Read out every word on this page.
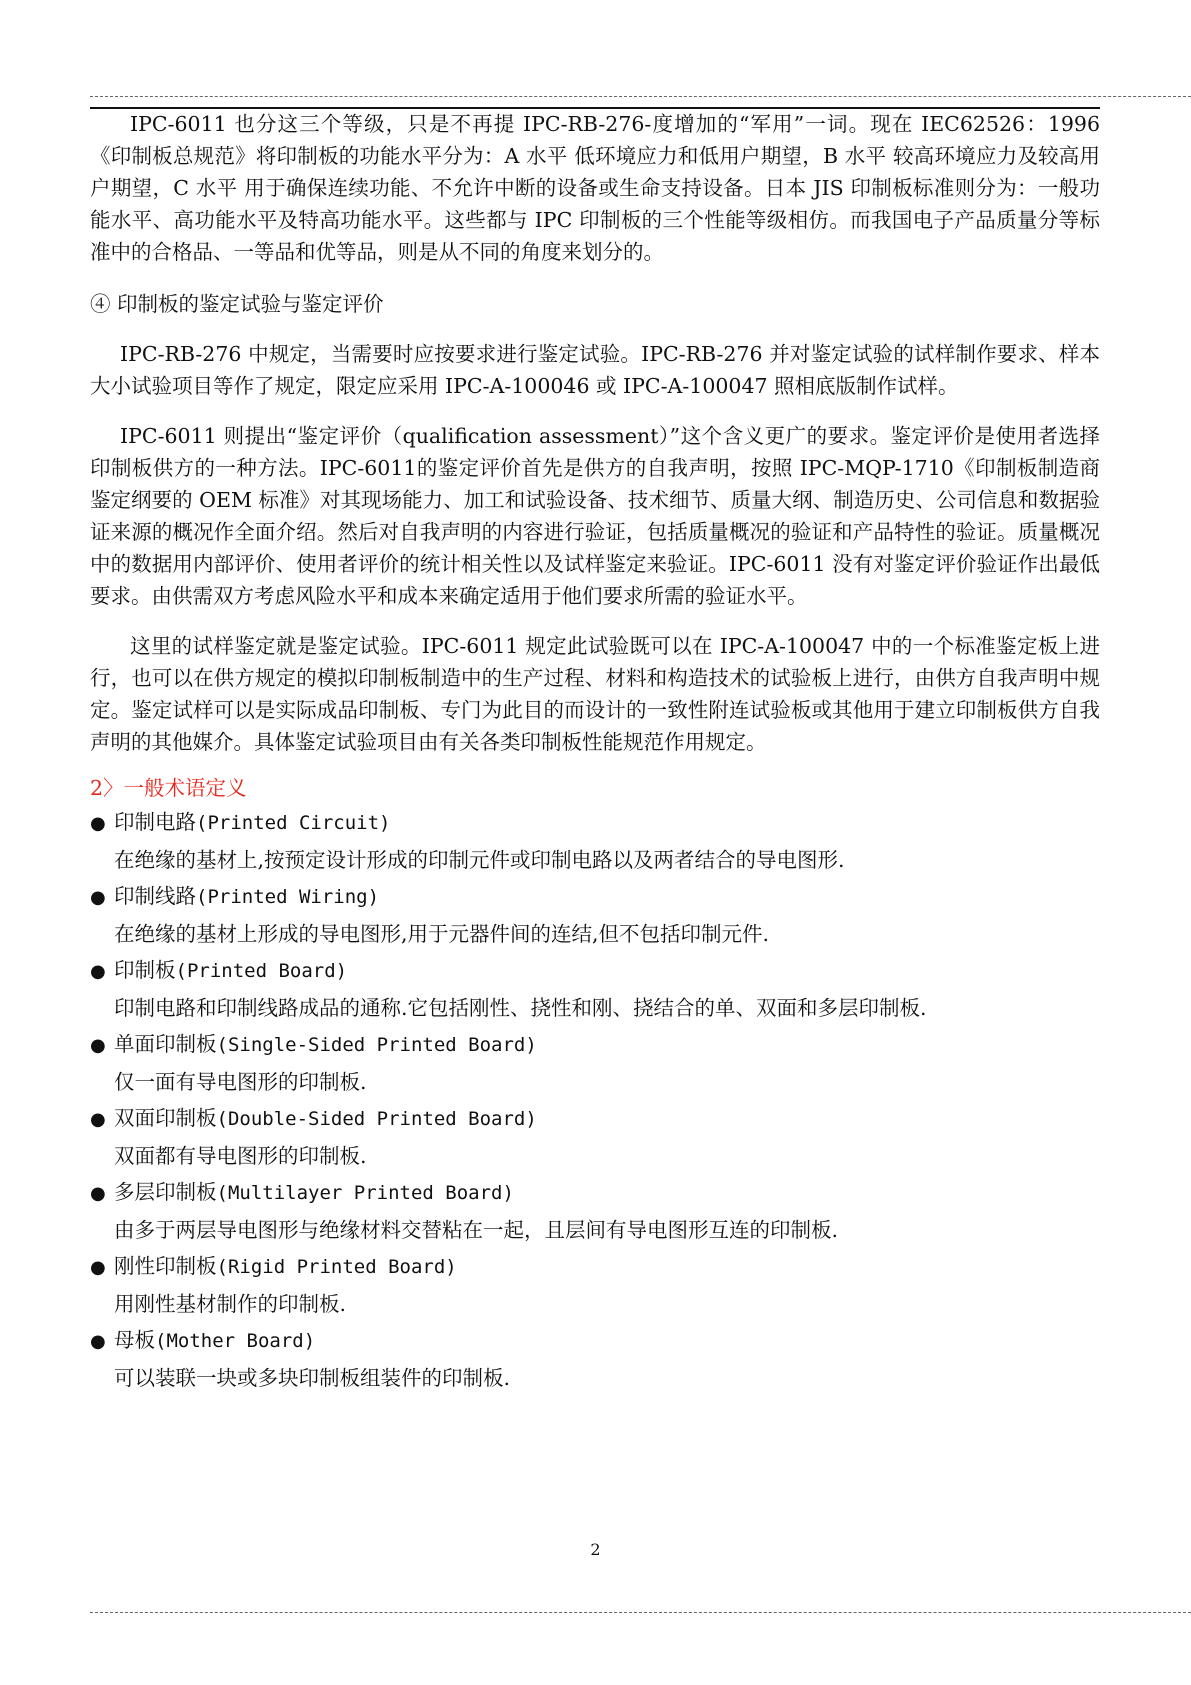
IPC-6011 也分这三个等级，只是不再提 IPC-RB-276-度增加的“军用”一词。现在 IEC62526：1996《印制板总规范》将印制板的功能水平分为：A 水平 低环境应力和低用户期望，B 水平 较高环境应力及较高用户期望，C 水平 用于确保连续功能、不允许中断的设备或生命支持设备。日本 JIS 印制板标准则分为：一般功能水平、高功能水平及特高功能水平。这些都与 IPC 印制板的三个性能等级相仿。而我国电子产品质量分等标准中的合格品、一等品和优等品，则是从不同的角度来划分的。

④ 印制板的鉴定试验与鉴定评价

IPC-RB-276 中规定，当需要时应按要求进行鉴定试验。IPC-RB-276 并对鉴定试验的试样制作要求、样本大小试验项目等作了规定，限定应采用 IPC-A-100046 或 IPC-A-100047 照相底版制作试样。

IPC-6011 则提出“鉴定评价（qualification assessment）”这个含义更广的要求。鉴定评价是使用者选择印制板供方的一种方法。IPC-6011的鉴定评价首先是供方的自我声明，按照 IPC-MQP-1710《印制板制造商鉴定纲要的 OEM 标准》对其现场能力、加工和试验设备、技术细节、质量大纲、制造历史、公司信息和数据验证来源的概况作全面介绍。然后对自我声明的内容进行验证，包括质量概况的验证和产品特性的验证。质量概况中的数据用内部评价、使用者评价的统计相关性以及试样鉴定来验证。IPC-6011 没有对鉴定评价验证作出最低要求。由供需双方考虑风险水平和成本来确定适用于他们要求所需的验证水平。

这里的试样鉴定就是鉴定试验。IPC-6011 规定此试验既可以在 IPC-A-100047 中的一个标准鉴定板上进行，也可以在供方规定的模拟印制板制造中的生产过程、材料和构造技术的试验板上进行，由供方自我声明中规定。鉴定试样可以是实际成品印制板、专门为此目的而设计的一致性附连试验板或其他用于建立印制板供方自我声明的其他媒介。具体鉴定试验项目由有关各类印制板性能规范作用规定。

2〉一般术语定义

● 印制电路(Printed Circuit)
在绝缘的基材上,按预定设计形成的印制元件或印制电路以及两者结合的导电图形.
● 印制线路(Printed Wiring)
在绝缘的基材上形成的导电图形,用于元器件间的连结,但不包括印制元件.
● 印制板(Printed Board)
印制电路和印制线路成品的通称.它包括刚性、挠性和刚、挠结合的单、双面和多层印制板.
● 单面印制板(Single-Sided Printed Board)
仅一面有导电图形的印制板.
● 双面印制板(Double-Sided Printed Board)
双面都有导电图形的印制板.
● 多层印制板(Multilayer Printed Board)
由多于两层导电图形与绝缘材料交替粘在一起，且层间有导电图形互连的印制板.
● 刚性印制板(Rigid Printed Board)
用刚性基材制作的印制板.
● 母板(Mother Board)
可以装联一块或多块印制板组装件的印制板.
2
